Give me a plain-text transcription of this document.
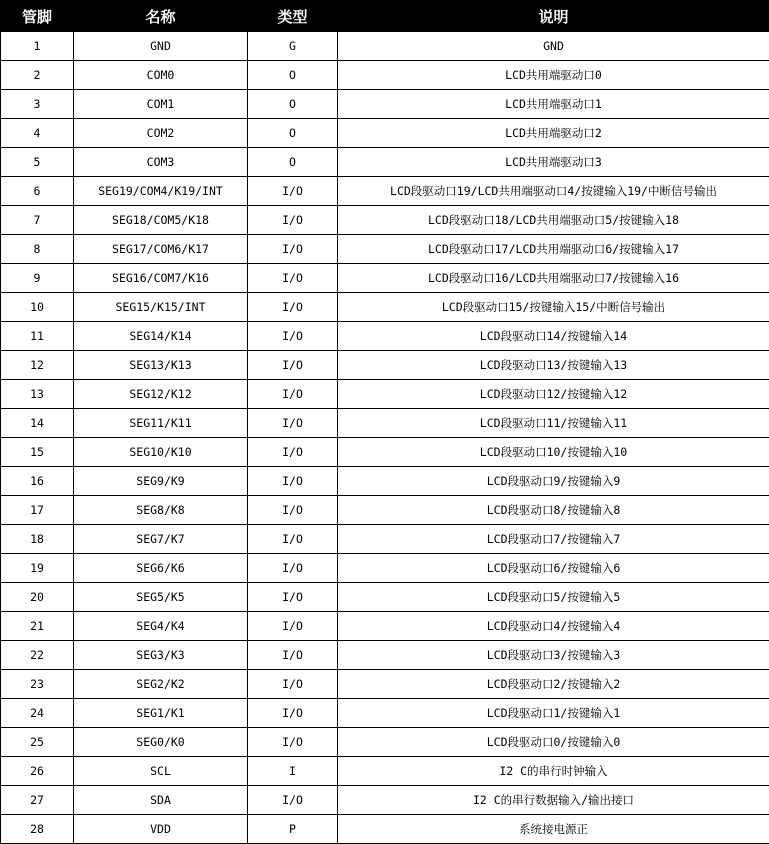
管脚	名称	类型	说明
1	GND	G	GND
2	COM0	O	LCD共用端驱动口0
3	COM1	O	LCD共用端驱动口1
4	COM2	O	LCD共用端驱动口2
5	COM3	O	LCD共用端驱动口3
6	SEG19/COM4/K19/INT	I/O	LCD段驱动口19/LCD共用端驱动口4/按键输入19/中断信号输出
7	SEG18/COM5/K18	I/O	LCD段驱动口18/LCD共用端驱动口5/按键输入18
8	SEG17/COM6/K17	I/O	LCD段驱动口17/LCD共用端驱动口6/按键输入17
9	SEG16/COM7/K16	I/O	LCD段驱动口16/LCD共用端驱动口7/按键输入16
10	SEG15/K15/INT	I/O	LCD段驱动口15/按键输入15/中断信号输出
11	SEG14/K14	I/O	LCD段驱动口14/按键输入14
12	SEG13/K13	I/O	LCD段驱动口13/按键输入13
13	SEG12/K12	I/O	LCD段驱动口12/按键输入12
14	SEG11/K11	I/O	LCD段驱动口11/按键输入11
15	SEG10/K10	I/O	LCD段驱动口10/按键输入10
16	SEG9/K9	I/O	LCD段驱动口9/按键输入9
17	SEG8/K8	I/O	LCD段驱动口8/按键输入8
18	SEG7/K7	I/O	LCD段驱动口7/按键输入7
19	SEG6/K6	I/O	LCD段驱动口6/按键输入6
20	SEG5/K5	I/O	LCD段驱动口5/按键输入5
21	SEG4/K4	I/O	LCD段驱动口4/按键输入4
22	SEG3/K3	I/O	LCD段驱动口3/按键输入3
23	SEG2/K2	I/O	LCD段驱动口2/按键输入2
24	SEG1/K1	I/O	LCD段驱动口1/按键输入1
25	SEG0/K0	I/O	LCD段驱动口0/按键输入0
26	SCL	I	I2 C的串行时钟输入
27	SDA	I/O	I2 C的串行数据输入/输出接口
28	VDD	P	系统接电源正
